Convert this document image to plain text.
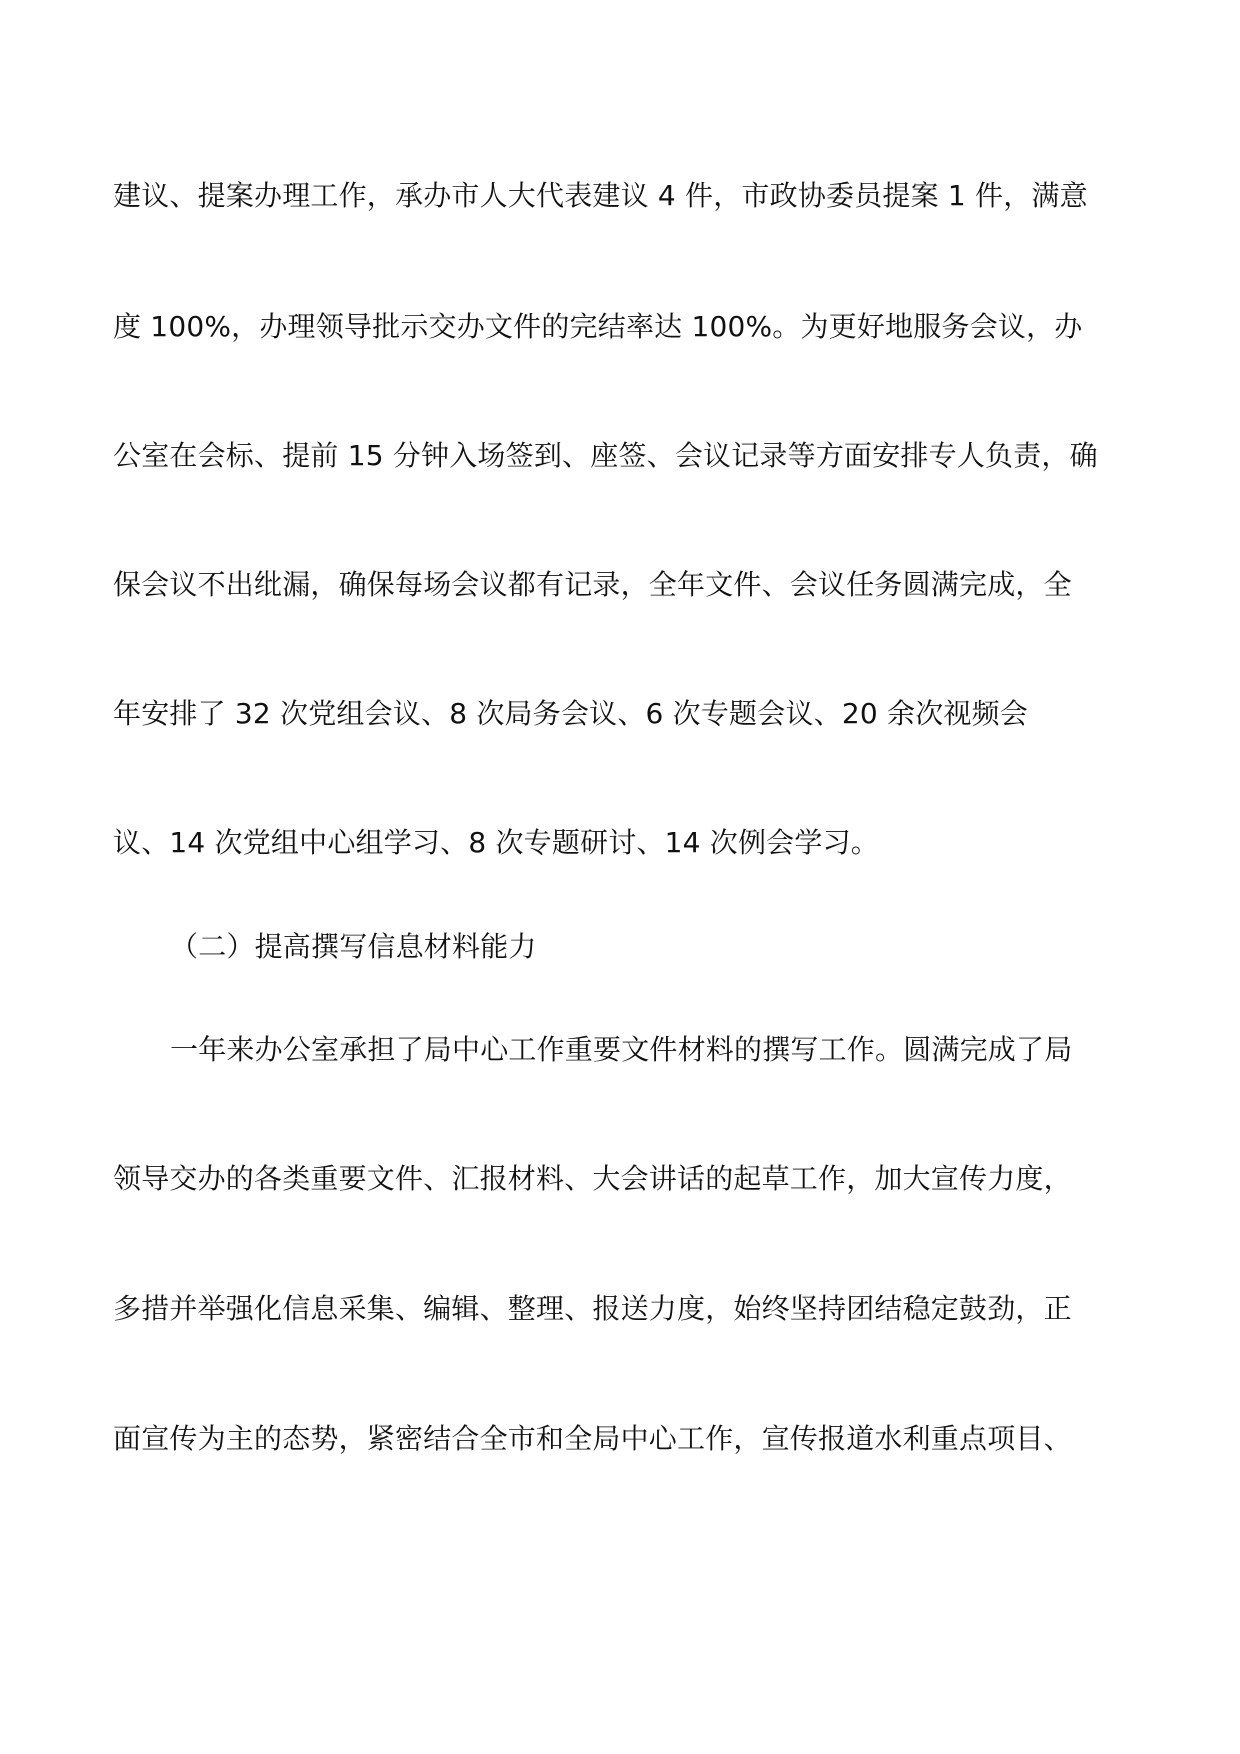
建议、提案办理工作，承办市人大代表建议 4 件，市政协委员提案 1 件，满意
度 100%，办理领导批示交办文件的完结率达 100%。为更好地服务会议，办
公室在会标、提前 15 分钟入场签到、座签、会议记录等方面安排专人负责，确
保会议不出纰漏，确保每场会议都有记录，全年文件、会议任务圆满完成，全
年安排了 32 次党组会议、8 次局务会议、6 次专题会议、20 余次视频会
议、14 次党组中心组学习、8 次专题研讨、14 次例会学习。
（二）提高撰写信息材料能力
一年来办公室承担了局中心工作重要文件材料的撰写工作。圆满完成了局
领导交办的各类重要文件、汇报材料、大会讲话的起草工作，加大宣传力度，
多措并举强化信息采集、编辑、整理、报送力度，始终坚持团结稳定鼓劲，正
面宣传为主的态势，紧密结合全市和全局中心工作，宣传报道水利重点项目、
